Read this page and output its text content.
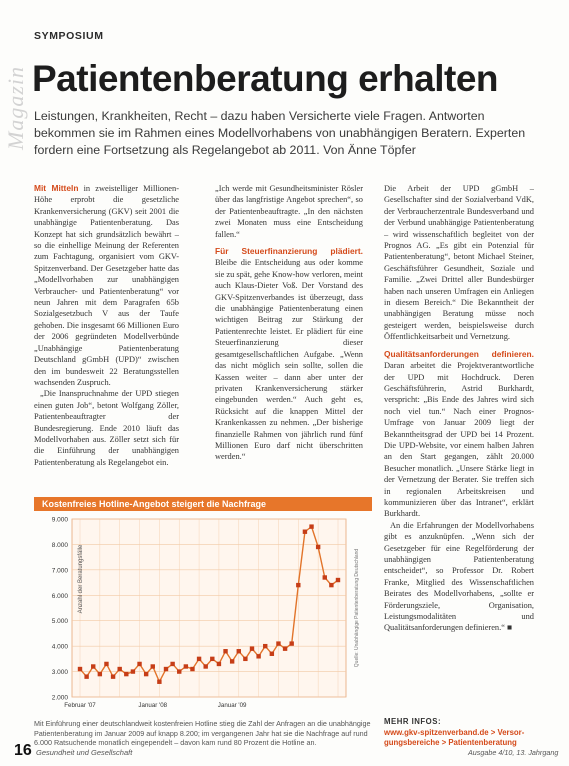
Magazin
SYMPOSIUM
Patientenberatung erhalten
Leistungen, Krankheiten, Recht – dazu haben Versicherte viele Fragen. Antworten bekommen sie im Rahmen eines Modellvorhabens von unabhängigen Beratern. Experten fordern eine Fortsetzung als Regelangebot ab 2011. Von Änne Töpfer

Mit Mitteln in zweistelliger Millionen-Höhe erprobt die gesetzliche Krankenversicherung (GKV) seit 2001 die unabhängige Patientenberatung. Das Konzept hat sich grundsätzlich bewährt – so die einhellige Meinung der Referenten zum Fachtagung, organisiert vom GKV-Spitzenverband. Der Gesetzgeber hatte das „Modellvorhaben zur unabhängigen Verbraucher- und Patientenberatung“ vor neun Jahren mit dem Paragrafen 65b Sozialgesetzbuch V aus der Taufe gehoben. Die insgesamt 66 Millionen Euro der 2006 gegründeten Modellverbünde „Unabhängige Patientenberatung Deutschland gGmbH (UPD)“ zwischen den im bundesweit 22 Beratungsstellen wachsenden Zuspruch.

„Die Inanspruchnahme der UPD stiegen einen guten Job“, betont Wolfgang Zöller, Patientenbeauftragter der Bundesregierung. Ende 2010 läuft das Modellvorhaben aus. Zöller setzt sich für die Einführung der unabhängigen Patientenberatung als Regelangebot ein.

„Ich werde mit Gesundheitsminister Rösler über das langfristige Angebot sprechen“, so der Patientenbeauftragte. „In den nächsten zwei Monaten muss eine Entscheidung fallen.“

Für Steuerfinanzierung plädiert. Bleibe die Entscheidung aus oder komme sie zu spät, gehe Know-how verloren, meint auch Klaus-Dieter Voß. Der Vorstand des GKV-Spitzenverbandes ist überzeugt, dass die unabhängige Patientenberatung einen wichtigen Beitrag zur Stärkung der Patientenrechte leistet. Er plädiert für eine Steuerfinanzierung dieser gesamtgesellschaftlichen Aufgabe. „Wenn das nicht möglich sein sollte, sollen die Kassen weiter – dann aber unter der privaten Krankenversicherung stärker eingebunden werden.“ Auch geht es, Rücksicht auf die knappen Mittel der Krankenkassen zu nehmen. „Der bisherige finanzielle Rahmen von jährlich rund fünf Millionen Euro darf nicht überschritten werden.“

Die Arbeit der UPD gGmbH – Gesellschafter sind der Sozialverband VdK, der Verbraucherzentrale Bundesverband und der Verbund unabhängige Patientenberatung – wird wissenschaftlich begleitet von der Prognos AG. „Es gibt ein Potenzial für Patientenberatung“, betont Michael Steiner, Geschäftsführer Gesundheit, Soziale und Familie. „Zwei Drittel aller Bundesbürger haben nach unseren Umfragen ein Anliegen in diesem Bereich.“ Die Bekanntheit der unabhängigen Beratung müsse noch gesteigert werden, beispielsweise durch Öffentlichkeitsarbeit und Vernetzung.

Qualitätsanforderungen definieren. Daran arbeitet die Projektverantwortliche der UPD mit Hochdruck. Deren Geschäftsführerin, Astrid Burkhardt, verspricht: „Bis Ende des Jahres wird sich noch viel tun.“ Nach einer Prognos-Umfrage von Januar 2009 liegt der Bekanntheitsgrad der UPD bei 14 Prozent. Die UPD-Website, vor einem halben Jahren an den Start gegangen, zählt 20.000 Besucher monatlich. „Unsere Stärke liegt in der Vernetzung der Berater. Sie treffen sich in regionalen Arbeitskreisen und kommunizieren über das Intranet“, erklärt Burkhardt.

An die Erfahrungen der Modellvorhabens gibt es anzuknüpfen. „Wenn sich der Gesetzgeber für eine Regelförderung der unabhängigen Patientenberatung entscheidet“, so Professor Dr. Robert Franke, Mitglied des Wissenschaftlichen Beirates des Modellvorhabens, „sollte er Förderungsziele, Organisation, Leistungsmodalitäten und Qualitätsanforderungen definieren.“ ■

Kostenfreies Hotline-Angebot steigert die Nachfrage
2.000
3.000
4.000
5.000
6.000
7.000
8.000
9.000
Anzahl der Beratungsfälle	Quelle: Unabhängige Patientenberatung Deutschland
Februar '07	Januar '08	Januar '09
Mit Einführung einer deutschlandweit kostenfreien Hotline stieg die Zahl der Anfragen an die unabhängige Patientenberatung im Januar 2009 auf knapp 8.200; im vergangenen Jahr hat sie die Nachfrage auf rund 6.000 Ratsuchende monatlich eingependelt – davon kam rund 80 Prozent die Hotline an.
MEHR INFOS:
www.gkv-spitzenverband.de > Versor-
gungsbereiche > Patientenberatung
16 Gesundheit und Gesellschaft	Ausgabe 4/10, 13. Jahrgang
